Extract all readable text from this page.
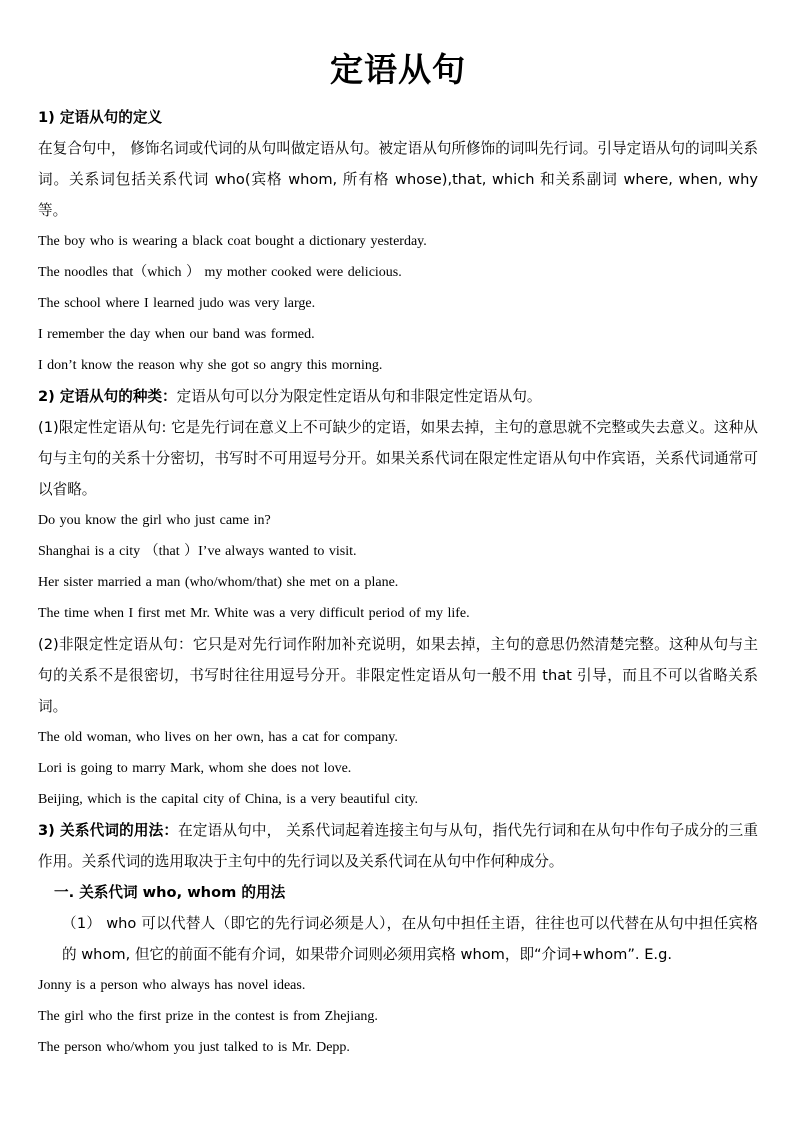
定语从句
1) 定语从句的定义

在复合句中， 修饰名词或代词的从句叫做定语从句。被定语从句所修饰的词叫先行词。引导定语从句的词叫关系词。关系词包括关系代词 who(宾格 whom, 所有格 whose),that, which 和关系副词 where, when, why 等。

The boy who is wearing a black coat bought a dictionary yesterday.
The noodles that（which ） my mother cooked were delicious.
The school where I learned judo was very large.
I remember the day when our band was formed.
I don’t know the reason why she got so angry this morning.
2) 定语从句的种类：定语从句可以分为限定性定语从句和非限定性定语从句。

(1)限定性定语从句: 它是先行词在意义上不可缺少的定语，如果去掉，主句的意思就不完整或失去意义。这种从句与主句的关系十分密切，书写时不可用逗号分开。如果关系代词在限定性定语从句中作宾语，关系代词通常可以省略。

Do you know the girl who just came in?
Shanghai is a city （that ）I’ve always wanted to visit.
Her sister married a man (who/whom/that) she met on a plane.
The time when I first met Mr. White was a very difficult period of my life.

(2)非限定性定语从句：它只是对先行词作附加补充说明，如果去掉，主句的意思仍然清楚完整。这种从句与主句的关系不是很密切，书写时往往用逗号分开。非限定性定语从句一般不用 that 引导，而且不可以省略关系词。

The old woman, who lives on her own, has a cat for company.
Lori is going to marry Mark, whom she does not love.
Beijing, which is the capital city of China, is a very beautiful city.

3) 关系代词的用法：在定语从句中， 关系代词起着连接主句与从句，指代先行词和在从句中作句子成分的三重作用。关系代词的选用取决于主句中的先行词以及关系代词在从句中作何种成分。

一. 关系代词 who, whom 的用法

（1） who 可以代替人（即它的先行词必须是人），在从句中担任主语，往往也可以代替在从句中担任宾格的 whom, 但它的前面不能有介词，如果带介词则必须用宾格 whom，即“介词+whom”. E.g.

Jonny is a person who always has novel ideas.
The girl who the first prize in the contest is from Zhejiang.
The person who/whom you just talked to is Mr. Depp.
